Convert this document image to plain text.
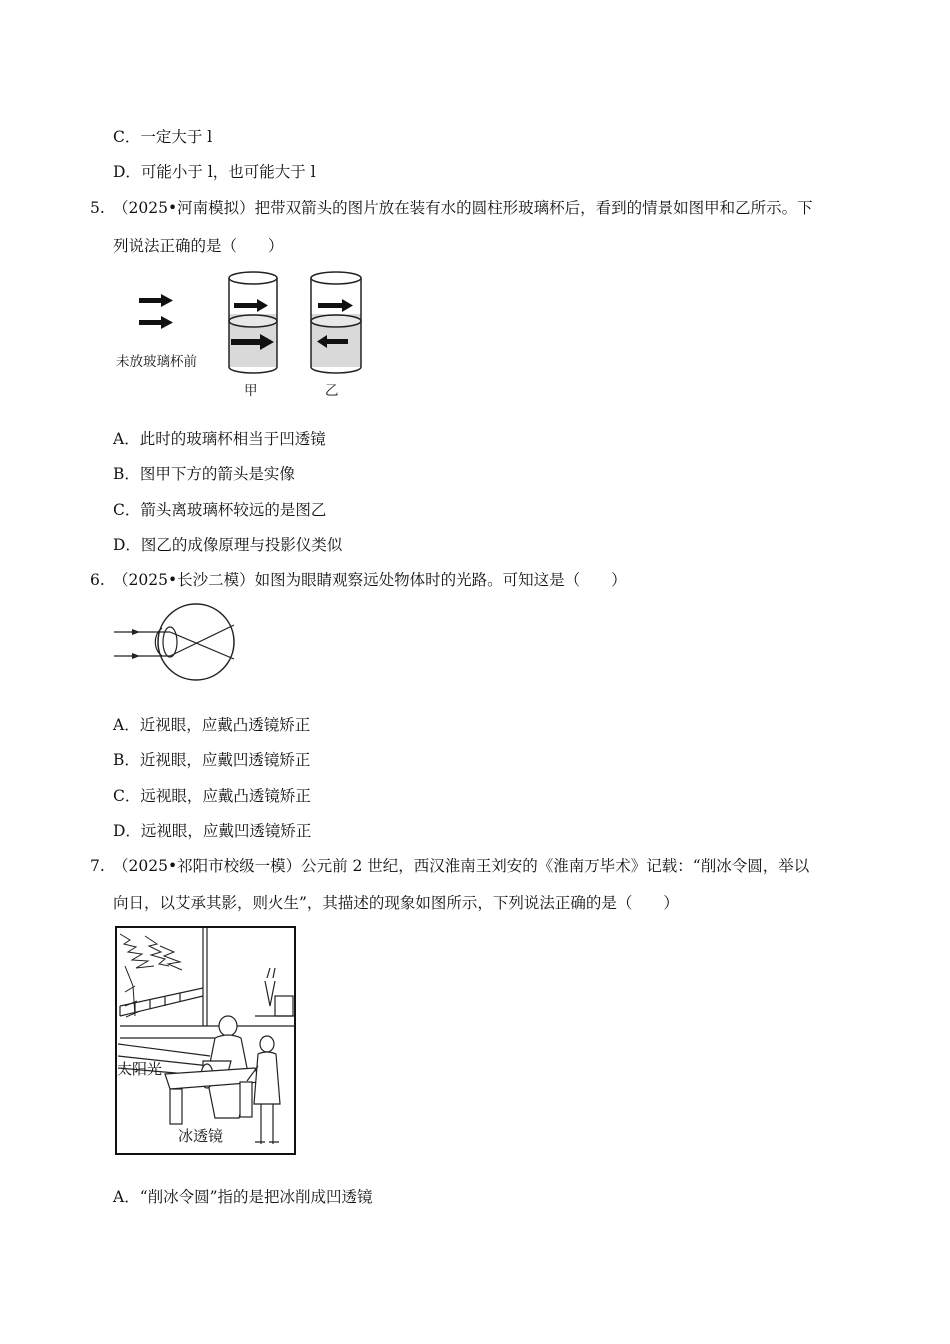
C．一定大于 l
D．可能小于 l，也可能大于 l
5. （2025•河南模拟）把带双箭头的图片放在装有水的圆柱形玻璃杯后，看到的情景如图甲和乙所示。下
列说法正确的是（　　）
未放玻璃杯前
甲	乙
A．此时的玻璃杯相当于凹透镜
B．图甲下方的箭头是实像
C．箭头离玻璃杯较远的是图乙
D．图乙的成像原理与投影仪类似
6. （2025•长沙二模）如图为眼睛观察远处物体时的光路。可知这是（　　）
A．近视眼，应戴凸透镜矫正
B．近视眼，应戴凹透镜矫正
C．远视眼，应戴凸透镜矫正
D．远视眼，应戴凹透镜矫正
7. （2025•祁阳市校级一模）公元前 2 世纪，西汉淮南王刘安的《淮南万毕术》记载：“削冰令圆，举以
向日，以艾承其影，则火生”，其描述的现象如图所示，下列说法正确的是（　　）
太阳光
冰透镜
A．“削冰令圆”指的是把冰削成凹透镜
